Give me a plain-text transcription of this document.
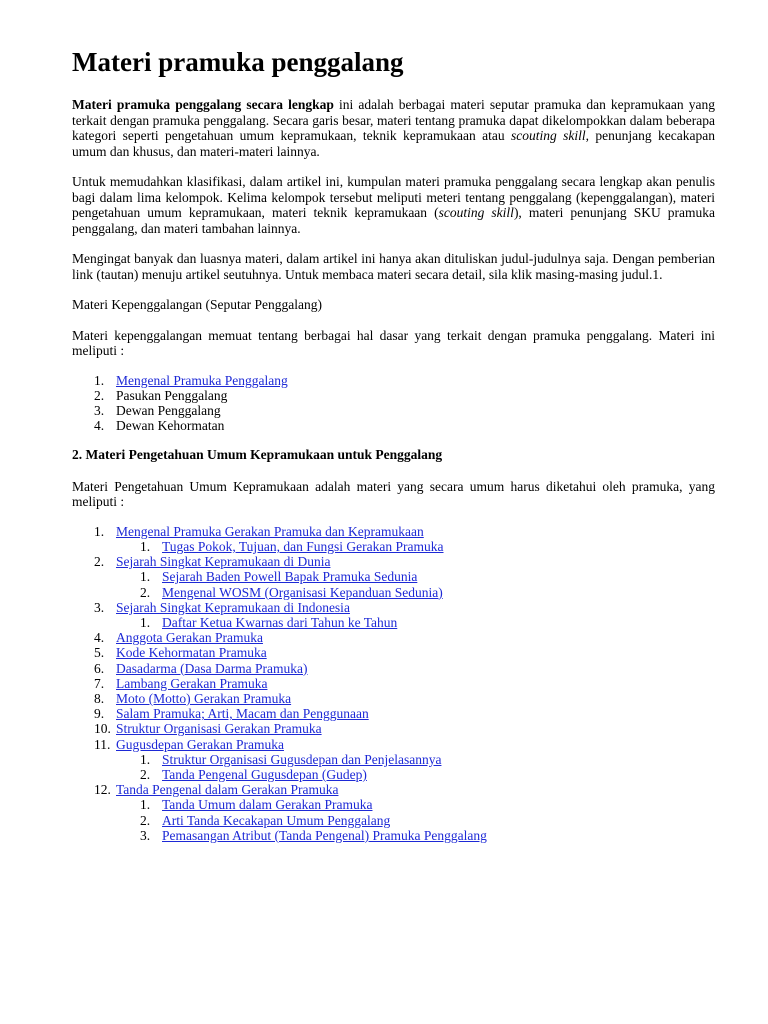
Materi pramuka penggalang

Materi pramuka penggalang secara lengkap ini adalah berbagai materi seputar pramuka dan kepramukaan yang terkait dengan pramuka penggalang. Secara garis besar, materi tentang pramuka dapat dikelompokkan dalam beberapa kategori seperti pengetahuan umum kepramukaan, teknik kepramukaan atau scouting skill, penunjang kecakapan umum dan khusus, dan materi-materi lainnya.

Untuk memudahkan klasifikasi, dalam artikel ini, kumpulan materi pramuka penggalang secara lengkap akan penulis bagi dalam lima kelompok. Kelima kelompok tersebut meliputi meteri tentang penggalang (kepenggalangan), materi pengetahuan umum kepramukaan, materi teknik kepramukaan (scouting skill), materi penunjang SKU pramuka penggalang, dan materi tambahan lainnya.

Mengingat banyak dan luasnya materi, dalam artikel ini hanya akan dituliskan judul-judulnya saja. Dengan pemberian link (tautan) menuju artikel seutuhnya. Untuk membaca materi secara detail, sila klik masing-masing judul.1.

Materi Kepenggalangan (Seputar Penggalang)

Materi kepenggalangan memuat tentang berbagai hal dasar yang terkait dengan pramuka penggalang. Materi ini meliputi :

1. Mengenal Pramuka Penggalang
2. Pasukan Penggalang
3. Dewan Penggalang
4. Dewan Kehormatan

2. Materi Pengetahuan Umum Kepramukaan untuk Penggalang

Materi Pengetahuan Umum Kepramukaan adalah materi yang secara umum harus diketahui oleh pramuka, yang meliputi :

1. Mengenal Pramuka Gerakan Pramuka dan Kepramukaan
1. Tugas Pokok, Tujuan, dan Fungsi Gerakan Pramuka
2. Sejarah Singkat Kepramukaan di Dunia
1. Sejarah Baden Powell Bapak Pramuka Sedunia
2. Mengenal WOSM (Organisasi Kepanduan Sedunia)
3. Sejarah Singkat Kepramukaan di Indonesia
1. Daftar Ketua Kwarnas dari Tahun ke Tahun
4. Anggota Gerakan Pramuka
5. Kode Kehormatan Pramuka
6. Dasadarma (Dasa Darma Pramuka)
7. Lambang Gerakan Pramuka
8. Moto (Motto) Gerakan Pramuka
9. Salam Pramuka; Arti, Macam dan Penggunaan
10. Struktur Organisasi Gerakan Pramuka
11. Gugusdepan Gerakan Pramuka
1. Struktur Organisasi Gugusdepan dan Penjelasannya
2. Tanda Pengenal Gugusdepan (Gudep)
12. Tanda Pengenal dalam Gerakan Pramuka
1. Tanda Umum dalam Gerakan Pramuka
2. Arti Tanda Kecakapan Umum Penggalang
3. Pemasangan Atribut (Tanda Pengenal) Pramuka Penggalang
